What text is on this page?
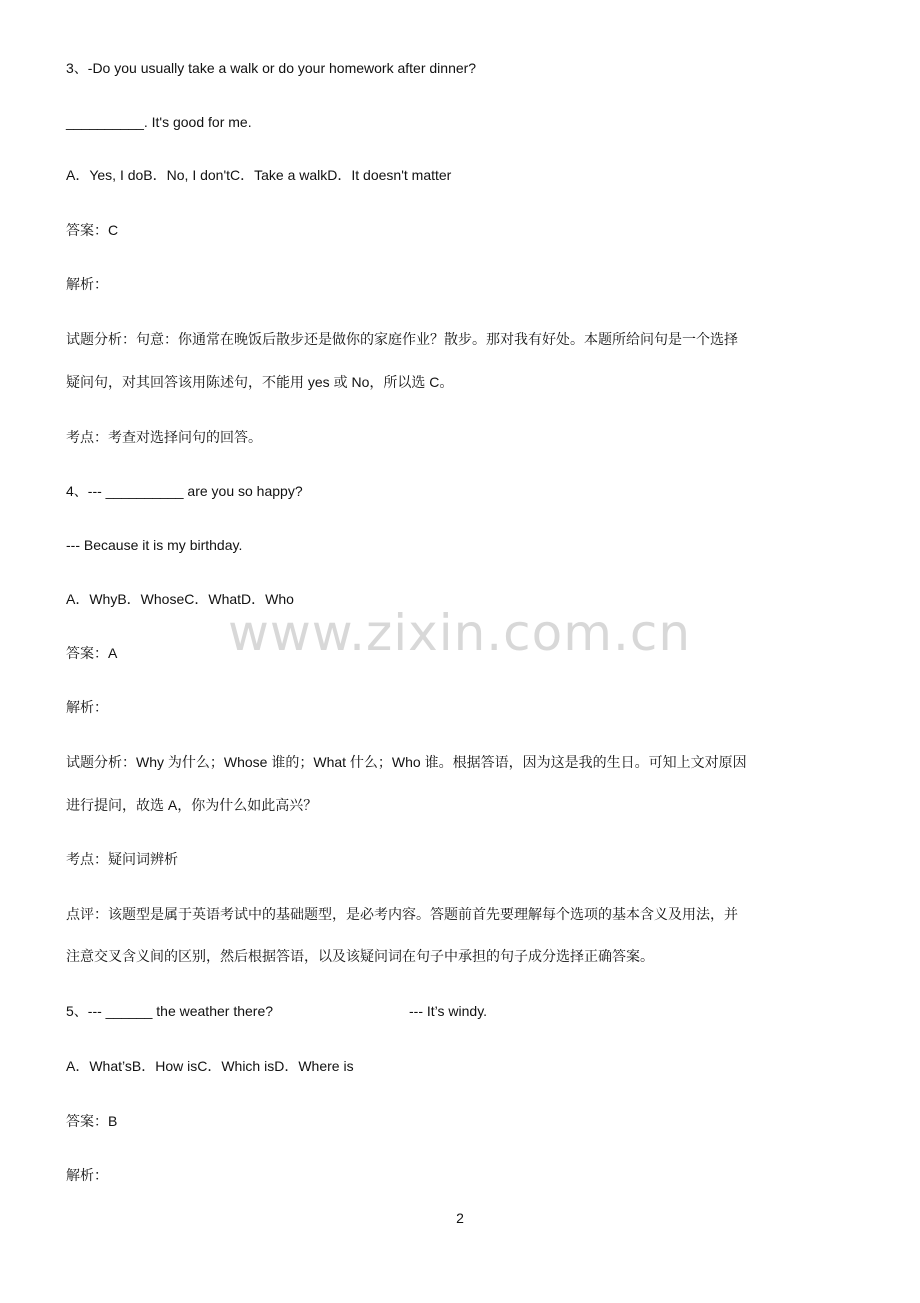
www.zixin.com.cn
3、-Do you usually take a walk or do your homework after dinner?
__________. It's good for me.
A．Yes, I doB．No, I don'tC．Take a walkD．It doesn't matter
答案：C
解析：
试题分析：句意：你通常在晚饭后散步还是做你的家庭作业？散步。那对我有好处。本题所给问句是一个选择
疑问句，对其回答该用陈述句，不能用 yes 或 No，所以选 C。
考点：考查对选择问句的回答。
4、--- __________ are you so happy?
--- Because it is my birthday.
A．WhyB．WhoseC．WhatD．Who
答案：A
解析：
试题分析：Why 为什么；Whose 谁的；What 什么；Who 谁。根据答语，因为这是我的生日。可知上文对原因
进行提问，故选 A，你为什么如此高兴？
考点：疑问词辨析
点评：该题型是属于英语考试中的基础题型，是必考内容。答题前首先要理解每个选项的基本含义及用法，并
注意交叉含义间的区别，然后根据答语，以及该疑问词在句子中承担的句子成分选择正确答案。
5、--- ______ the weather there?	--- It’s windy.
A．What’sB．How isC．Which isD．Where is
答案：B
解析：
2
